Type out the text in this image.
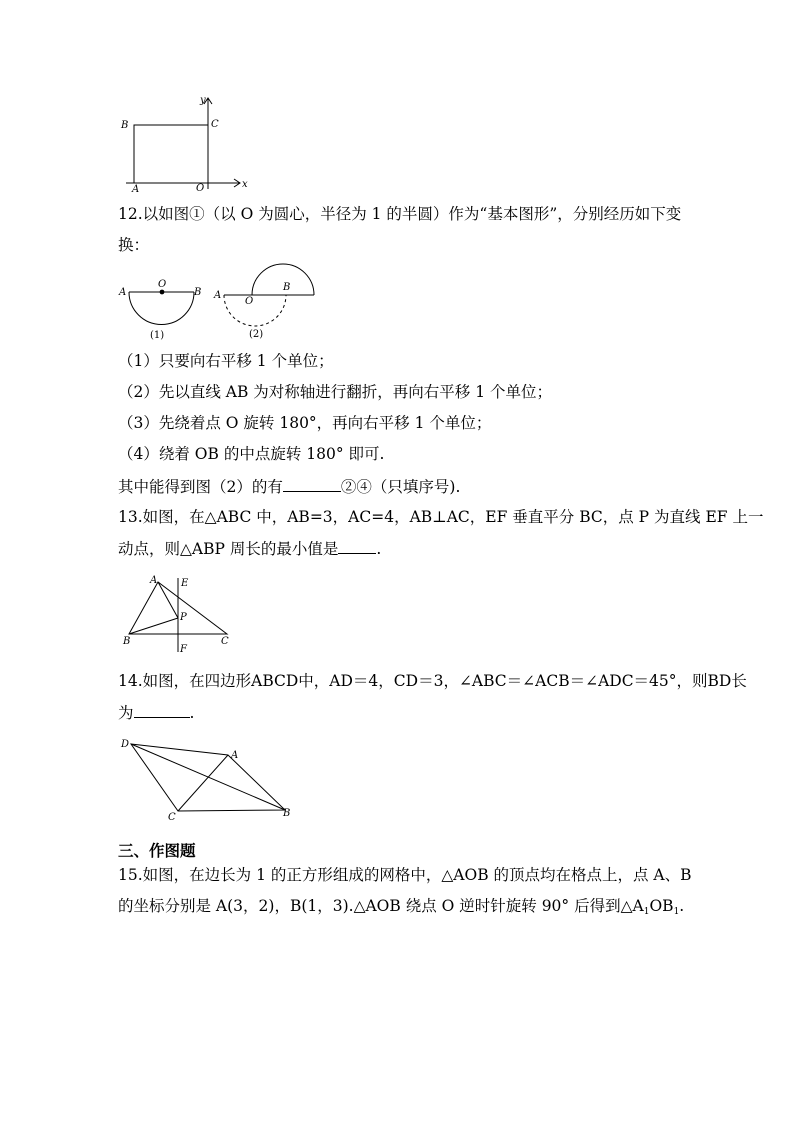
B	C
A	O	x
y
12.以如图①（以 O 为圆心，半径为 1 的半圆）作为“基本图形”，分别经历如下变
换：
A
O
B
(1)
A
O
B
(2)
（1）只要向右平移 1 个单位；
（2）先以直线 AB 为对称轴进行翻折，再向右平移 1 个单位；
（3）先绕着点 O 旋转 180°，再向右平移 1 个单位；
（4）绕着 OB 的中点旋转 180° 即可.
其中能得到图（2）的有	②④（只填序号).
13.如图，在△ABC 中，AB=3，AC=4，AB⊥AC，EF 垂直平分 BC，点 P 为直线 EF 上一
动点，则△ABP 周长的最小值是 .
A E
P
B	C
F
14.如图，在四边形ABCD中，AD＝4，CD＝3，∠ABC＝∠ACB＝∠ADC＝45°，则BD长
为	.
D
A
C	B
三、作图题
15.如图，在边长为 1 的正方形组成的网格中，△AOB 的顶点均在格点上，点 A、B
的坐标分别是 A(3，2)，B(1，3).△AOB 绕点 O 逆时针旋转 90° 后得到$\triangle A_1OB_1$.
